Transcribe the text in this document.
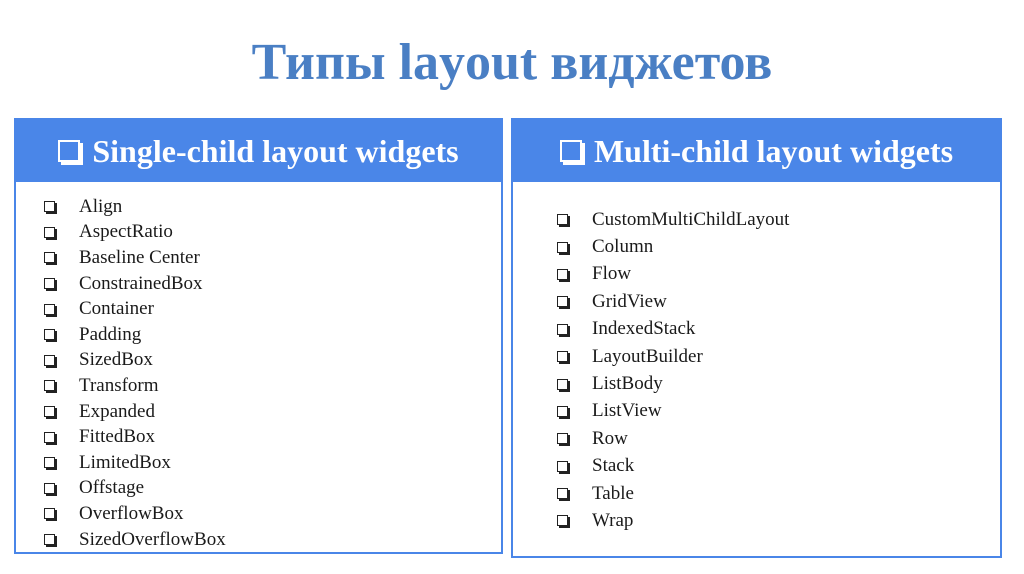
Типы layout виджетов
Single-child layout widgets
Align
AspectRatio
Baseline Center
ConstrainedBox
Container
Padding
SizedBox
Transform
Expanded
FittedBox
LimitedBox
Offstage
OverflowBox
SizedOverflowBox
Multi-child layout widgets
CustomMultiChildLayout
Column
Flow
GridView
IndexedStack
LayoutBuilder
ListBody
ListView
Row
Stack
Table
Wrap
